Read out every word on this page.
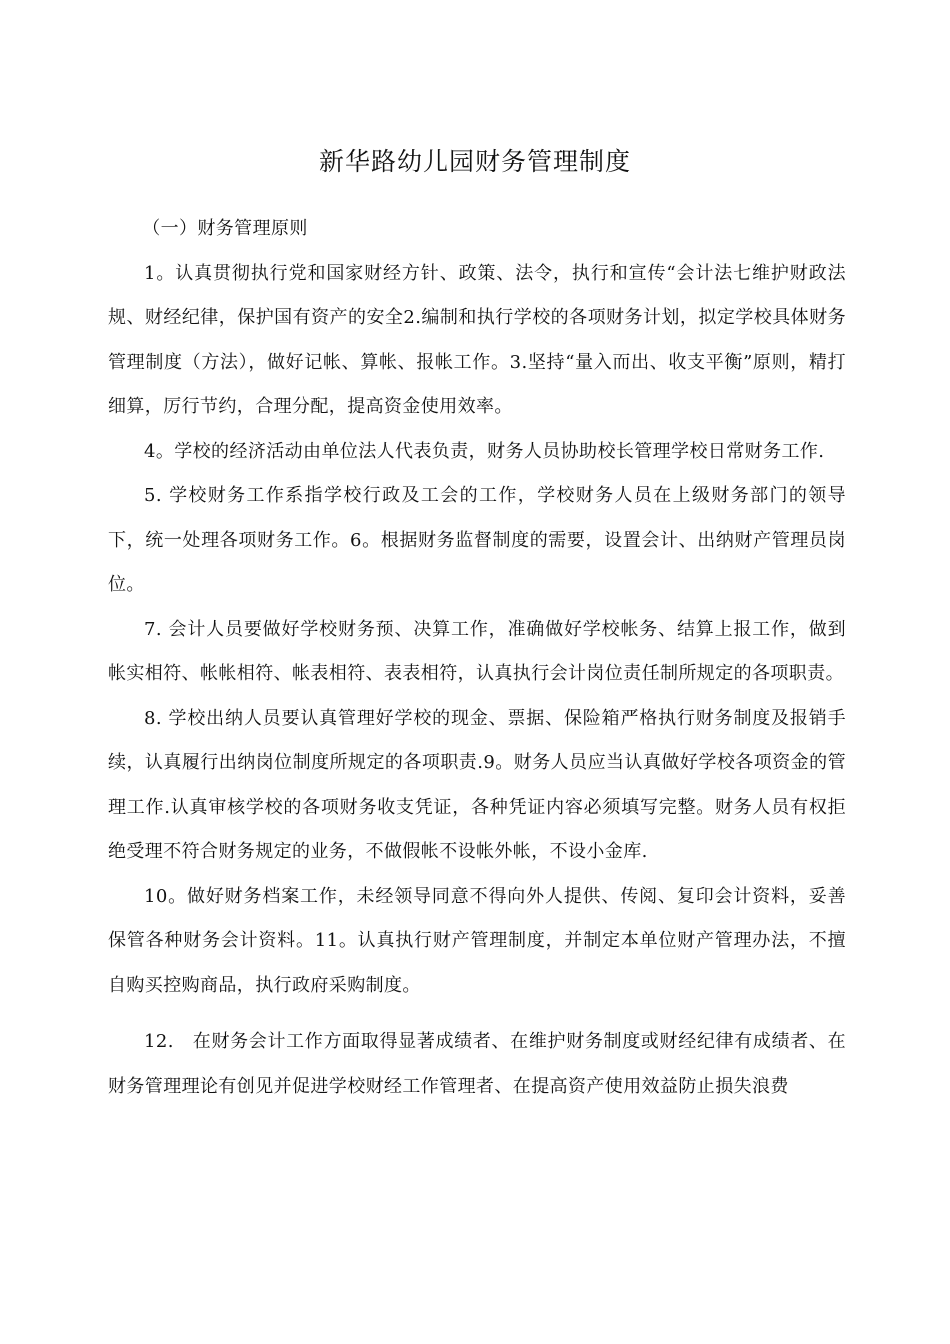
新华路幼儿园财务管理制度

（一）财务管理原则

1。认真贯彻执行党和国家财经方针、政策、法令，执行和宣传“会计法七维护财政法规、财经纪律，保护国有资产的安全2.编制和执行学校的各项财务计划，拟定学校具体财务管理制度（方法），做好记帐、算帐、报帐工作。3.坚持“量入而出、收支平衡”原则，精打细算，厉行节约，合理分配，提高资金使用效率。

4。学校的经济活动由单位法人代表负责，财务人员协助校长管理学校日常财务工作.

5. 学校财务工作系指学校行政及工会的工作，学校财务人员在上级财务部门的领导下，统一处理各项财务工作。6。根据财务监督制度的需要，设置会计、出纳财产管理员岗位。

7. 会计人员要做好学校财务预、决算工作，准确做好学校帐务、结算上报工作，做到帐实相符、帐帐相符、帐表相符、表表相符，认真执行会计岗位责任制所规定的各项职责。

8. 学校出纳人员要认真管理好学校的现金、票据、保险箱严格执行财务制度及报销手续，认真履行出纳岗位制度所规定的各项职责.9。财务人员应当认真做好学校各项资金的管理工作.认真审核学校的各项财务收支凭证，各种凭证内容必须填写完整。财务人员有权拒绝受理不符合财务规定的业务，不做假帐不设帐外帐，不设小金库.

10。做好财务档案工作，未经领导同意不得向外人提供、传阅、复印会计资料，妥善保管各种财务会计资料。11。认真执行财产管理制度，并制定本单位财产管理办法，不擅自购买控购商品，执行政府采购制度。

12.　在财务会计工作方面取得显著成绩者、在维护财务制度或财经纪律有成绩者、在财务管理理论有创见并促进学校财经工作管理者、在提高资产使用效益防止损失浪费
